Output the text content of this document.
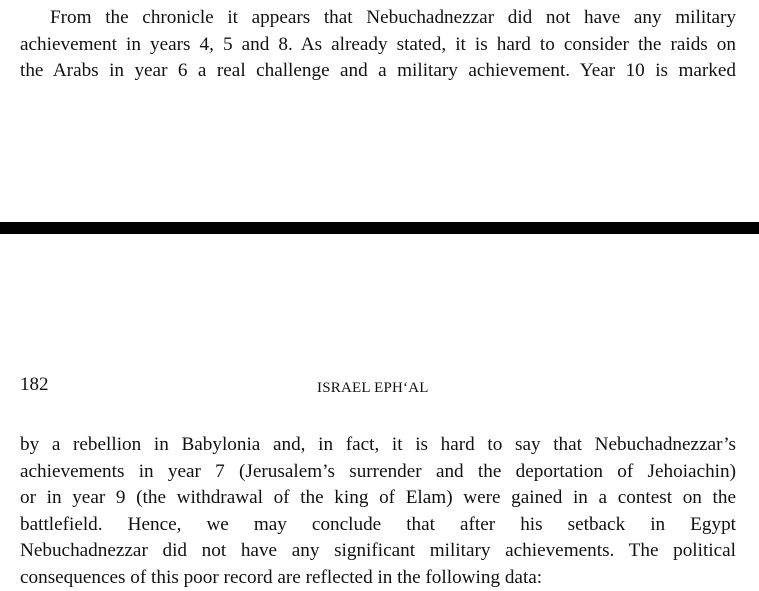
From the chronicle it appears that Nebuchadnezzar did not have any military
achievement in years 4, 5 and 8. As already stated, it is hard to consider the raids on
the Arabs in year 6 a real challenge and a military achievement. Year 10 is marked

182	ISRAEL EPH‘AL

by a rebellion in Babylonia and, in fact, it is hard to say that Nebuchadnezzar’s
achievements in year 7 (Jerusalem’s surrender and the deportation of Jehoiachin)
or in year 9 (the withdrawal of the king of Elam) were gained in a contest on the
battlefield. Hence, we may conclude that after his setback in Egypt
Nebuchadnezzar did not have any significant military achievements. The political
consequences of this poor record are reflected in the following data:
